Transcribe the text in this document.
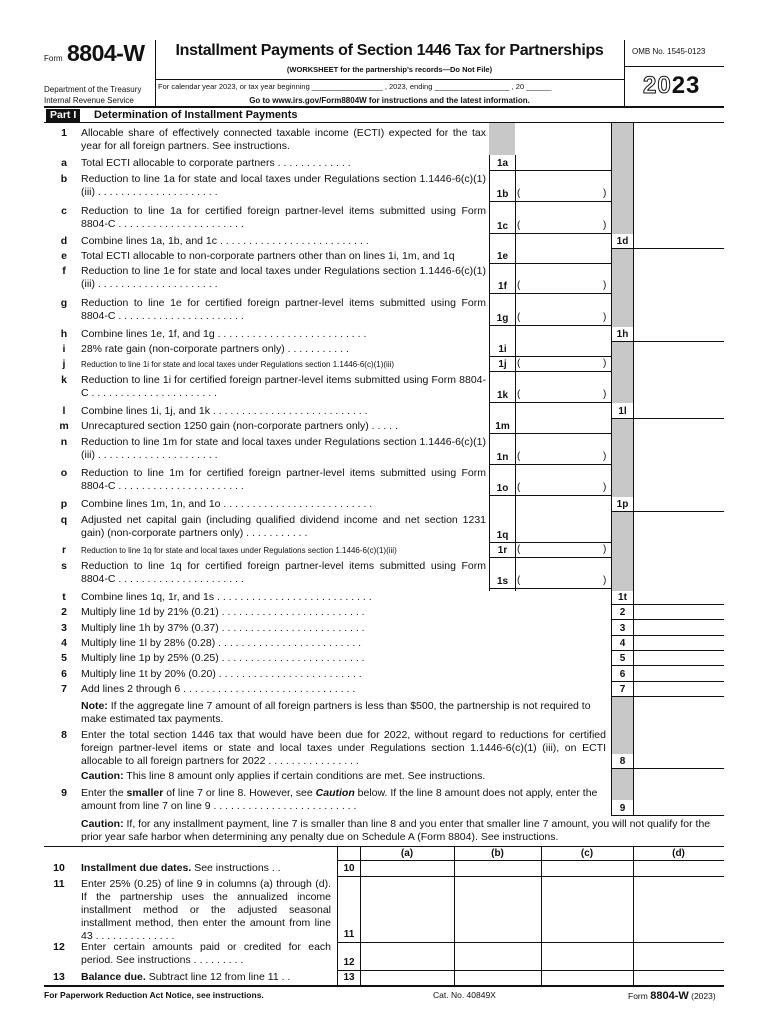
Form 8804-W
Department of the Treasury Internal Revenue Service
Installment Payments of Section 1446 Tax for Partnerships
(WORKSHEET for the partnership’s records—Do Not File)
For calendar year 2023, or tax year beginning _________________ , 2023, ending __________________ , 20 ______
Go to www.irs.gov/Form8804W for instructions and the latest information.
OMB No. 1545-0123
2023
Part I	Determination of Installment Payments
1	Allocable share of effectively connected taxable income (ECTI) expected for the tax year for all foreign partners. See instructions.
a	Total ECTI allocable to corporate partners . . . . . . . . . . . . .	1a
b	Reduction to line 1a for state and local taxes under Regulations section 1.1446-6(c)(1)(iii) . . . . . . . . . . . . . . . . . . . . .	1b (	)
c	Reduction to line 1a for certified foreign partner-level items submitted using Form 8804-C . . . . . . . . . . . . . . . . . . . . . .	1c (	)
d	Combine lines 1a, 1b, and 1c . . . . . . . . . . . . . . . . . . . . . . . . . .	1d
e	Total ECTI allocable to non-corporate partners other than on lines 1i, 1m, and 1q	1e
f	Reduction to line 1e for state and local taxes under Regulations section 1.1446-6(c)(1)(iii) . . . . . . . . . . . . . . . . . . . . .	1f	(	)
g	Reduction to line 1e for certified foreign partner-level items submitted using Form 8804-C . . . . . . . . . . . . . . . . . . . . . .	1g (	)
h	Combine lines 1e, 1f, and 1g . . . . . . . . . . . . . . . . . . . . . . . . . .	1h
i	28% rate gain (non-corporate partners only) . . . . . . . . . . .	1i
j	Reduction to line 1i for state and local taxes under Regulations section 1.1446-6(c)(1)(iii)	1j	(	)
k	Reduction to line 1i for certified foreign partner-level items submitted using Form 8804-C . . . . . . . . . . . . . . . . . . . . . .	1k (	)
l	Combine lines 1i, 1j, and 1k . . . . . . . . . . . . . . . . . . . . . . . . . . .	1l
m	Unrecaptured section 1250 gain (non-corporate partners only) . . . . .	1m
n	Reduction to line 1m for state and local taxes under Regulations section 1.1446-6(c)(1)(iii) . . . . . . . . . . . . . . . . . . . . .	1n (	)
o	Reduction to line 1m for certified foreign partner-level items submitted using Form 8804-C . . . . . . . . . . . . . . . . . . . . . .	1o (	)
p	Combine lines 1m, 1n, and 1o . . . . . . . . . . . . . . . . . . . . . . . . . .	1p
q	Adjusted net capital gain (including qualified dividend income and net section 1231 gain) (non-corporate partners only) . . . . . . . . . . .	1q
r	Reduction to line 1q for state and local taxes under Regulations section 1.1446-6(c)(1)(iii)	1r (	)
s	Reduction to line 1q for certified foreign partner-level items submitted using Form 8804-C . . . . . . . . . . . . . . . . . . . . . .	1s (	)
t	Combine lines 1q, 1r, and 1s . . . . . . . . . . . . . . . . . . . . . . . . . . .	1t
2	Multiply line 1d by 21% (0.21) . . . . . . . . . . . . . . . . . . . . . . . . .	2
3	Multiply line 1h by 37% (0.37) . . . . . . . . . . . . . . . . . . . . . . . . .	3
4	Multiply line 1l by 28% (0.28) . . . . . . . . . . . . . . . . . . . . . . . . .	4
5	Multiply line 1p by 25% (0.25) . . . . . . . . . . . . . . . . . . . . . . . . .	5
6	Multiply line 1t by 20% (0.20) . . . . . . . . . . . . . . . . . . . . . . . . .	6
7	Add lines 2 through 6 . . . . . . . . . . . . . . . . . . . . . . . . . . . . . .	7
Note: If the aggregate line 7 amount of all foreign partners is less than $500, the partnership is not required to make estimated tax payments.
8	Enter the total section 1446 tax that would have been due for 2022, without regard to reductions for certified foreign partner-level items or state and local taxes under Regulations section 1.1446-6(c)(1) (iii), on ECTI allocable to all foreign partners for 2022 . . . . . . . . . . . . . . . .	8
Caution: This line 8 amount only applies if certain conditions are met. See instructions.
9	Enter the smaller of line 7 or line 8. However, see Caution below. If the line 8 amount does not apply, enter the amount from line 7 on line 9 . . . . . . . . . . . . . . . . . . . . . . . . .	9
Caution: If, for any installment payment, line 7 is smaller than line 8 and you enter that smaller line 7 amount, you will not qualify for the prior year safe harbor when determining any penalty due on Schedule A (Form 8804). See instructions.
(a)	(b)	(c)	(d)
10	Installment due dates. See instructions . .	10
11	Enter 25% (0.25) of line 9 in columns (a) through (d). If the partnership uses the annualized income installment method or the adjusted seasonal installment method, then enter the amount from line 43 . . . . . . . . . . . . . .	11
12	Enter certain amounts paid or credited for each period. See instructions . . . . . . . . .	12
13	Balance due. Subtract line 12 from line 11 . .	13
For Paperwork Reduction Act Notice, see instructions.	Cat. No. 40849X	Form 8804-W (2023)
